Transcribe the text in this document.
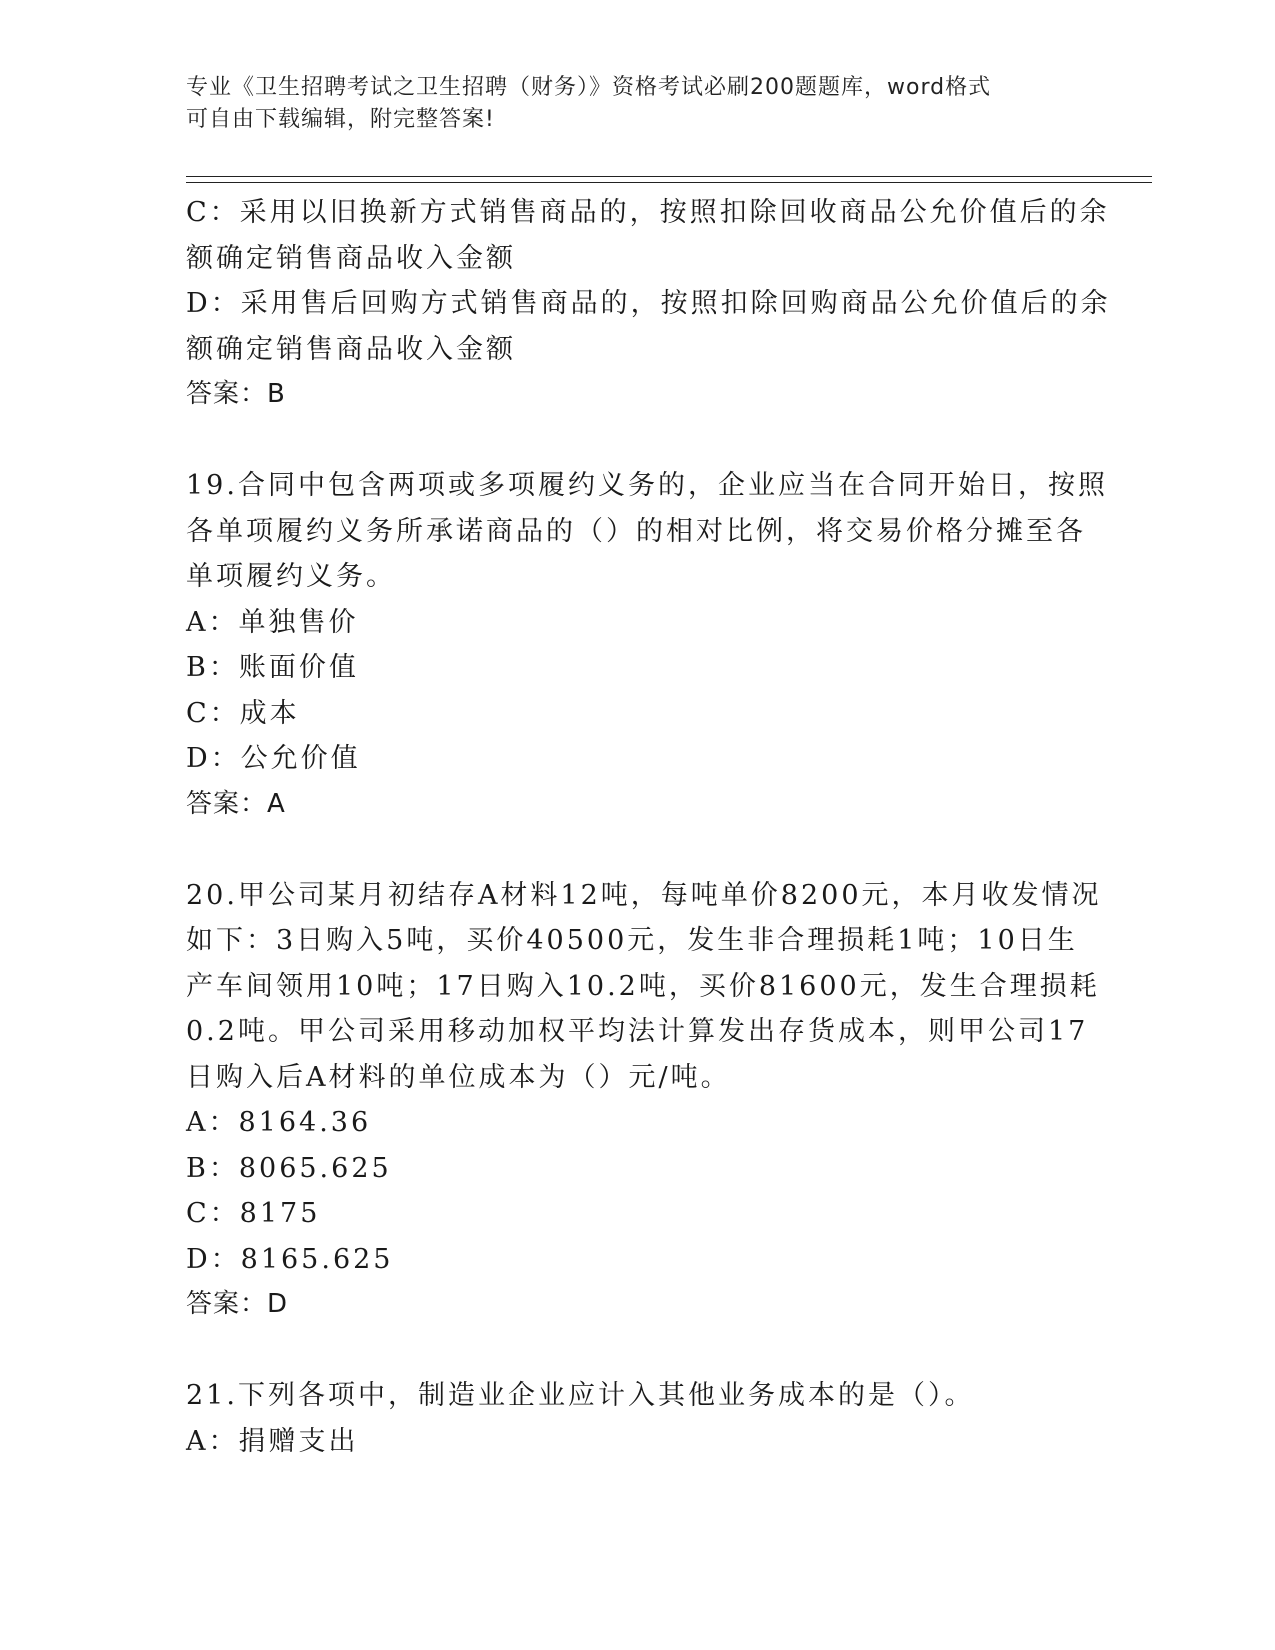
专业《卫生招聘考试之卫生招聘（财务）》资格考试必刷200题题库，word格式
可自由下载编辑，附完整答案!
C：采用以旧换新方式销售商品的，按照扣除回收商品公允价值后的余
额确定销售商品收入金额
D：采用售后回购方式销售商品的，按照扣除回购商品公允价值后的余
额确定销售商品收入金额
答案：B
19.合同中包含两项或多项履约义务的，企业应当在合同开始日，按照
各单项履约义务所承诺商品的（）的相对比例，将交易价格分摊至各
单项履约义务。
A：单独售价
B：账面价值
C：成本
D：公允价值
答案：A
20.甲公司某月初结存A材料12吨，每吨单价8200元，本月收发情况
如下：3日购入5吨，买价40500元，发生非合理损耗1吨；10日生
产车间领用10吨；17日购入10.2吨，买价81600元，发生合理损耗
0.2吨。甲公司采用移动加权平均法计算发出存货成本，则甲公司17
日购入后A材料的单位成本为（）元/吨。
A：8164.36
B：8065.625
C：8175
D：8165.625
答案：D
21.下列各项中，制造业企业应计入其他业务成本的是（）。
A：捐赠支出
